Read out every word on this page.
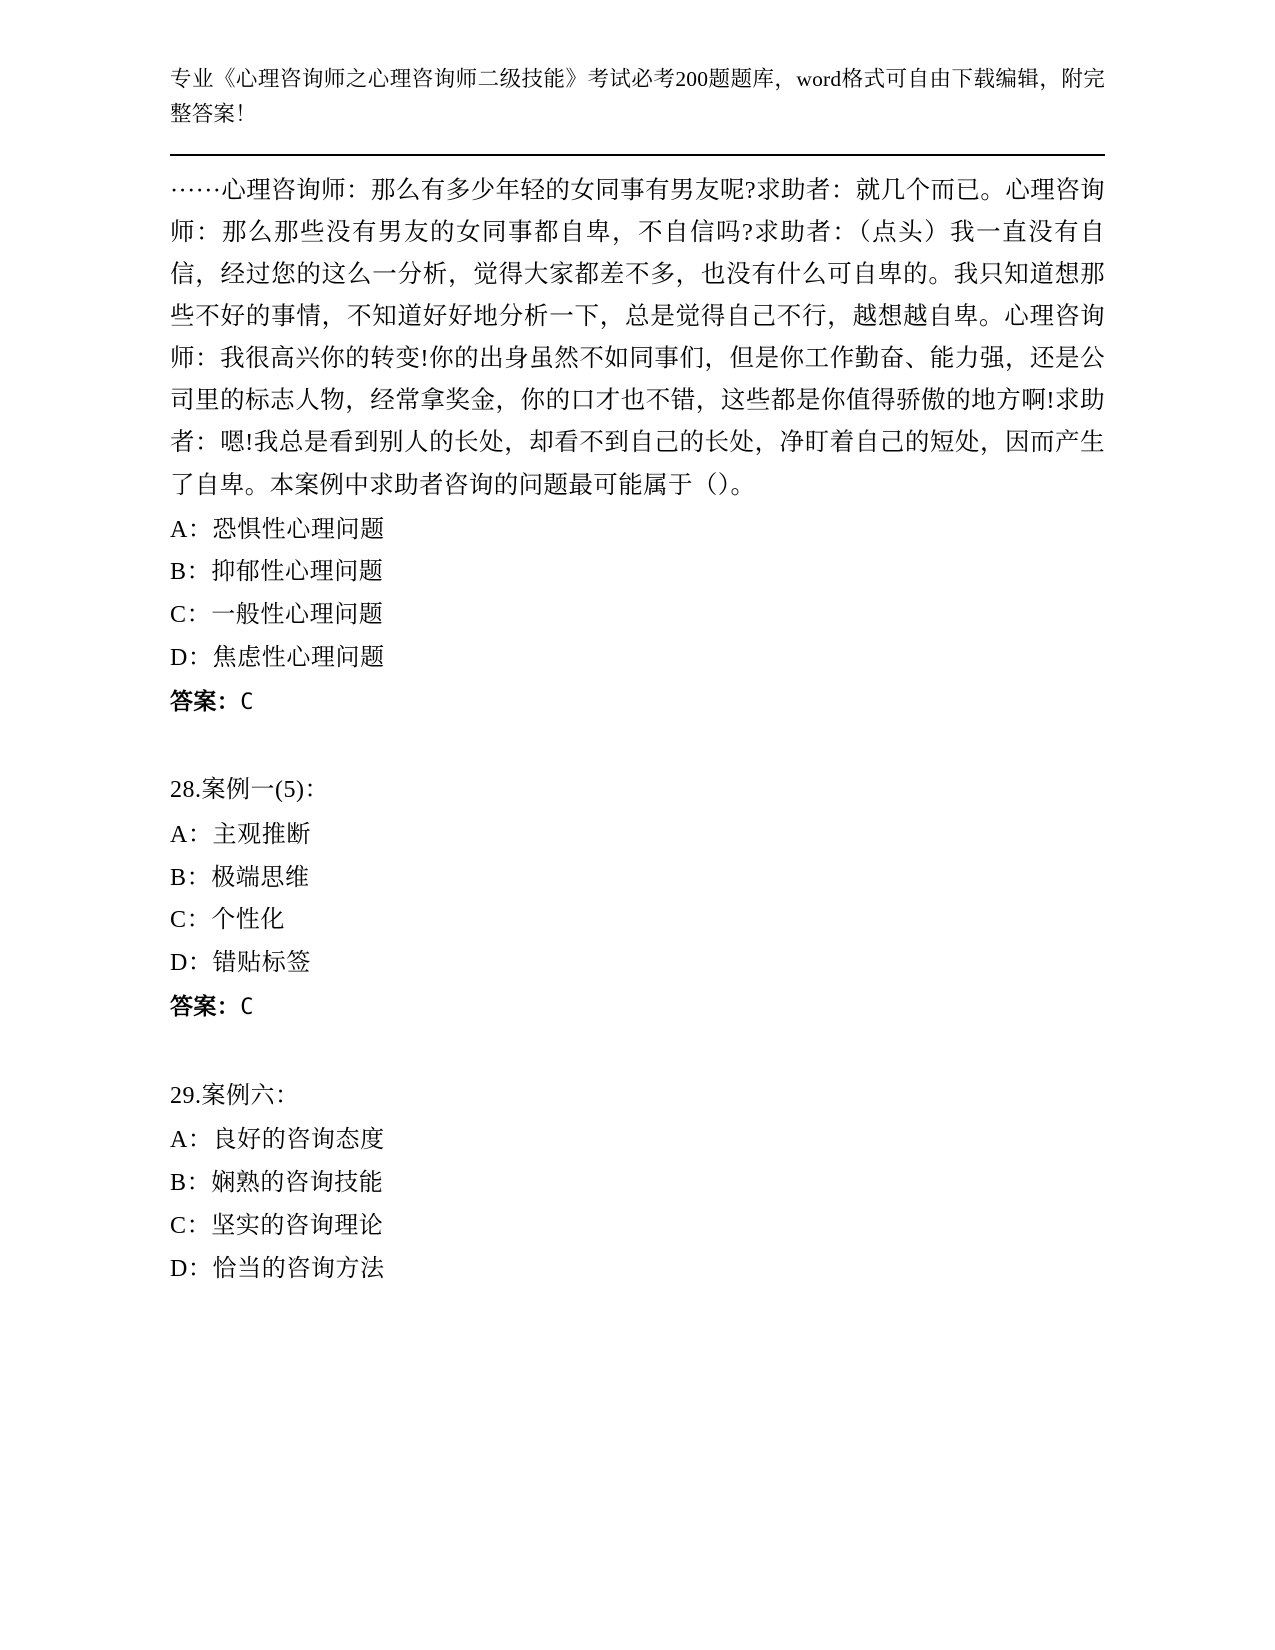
专业《心理咨询师之心理咨询师二级技能》考试必考200题题库，word格式可自由下载编辑，附完整答案！

······心理咨询师：那么有多少年轻的女同事有男友呢?求助者：就几个而已。心理咨询师：那么那些没有男友的女同事都自卑，不自信吗?求助者：（点头）我一直没有自信，经过您的这么一分析，觉得大家都差不多，也没有什么可自卑的。我只知道想那些不好的事情，不知道好好地分析一下，总是觉得自己不行，越想越自卑。心理咨询师：我很高兴你的转变!你的出身虽然不如同事们，但是你工作勤奋、能力强，还是公司里的标志人物，经常拿奖金，你的口才也不错，这些都是你值得骄傲的地方啊!求助者：嗯!我总是看到别人的长处，却看不到自己的长处，净盯着自己的短处，因而产生了自卑。本案例中求助者咨询的问题最可能属于（）。

A：恐惧性心理问题
B：抑郁性心理问题
C：一般性心理问题
D：焦虑性心理问题
答案：C
28.案例一(5)：
A：主观推断
B：极端思维
C：个性化
D：错贴标签
答案：C
29.案例六：
A：良好的咨询态度
B：娴熟的咨询技能
C：坚实的咨询理论
D：恰当的咨询方法
